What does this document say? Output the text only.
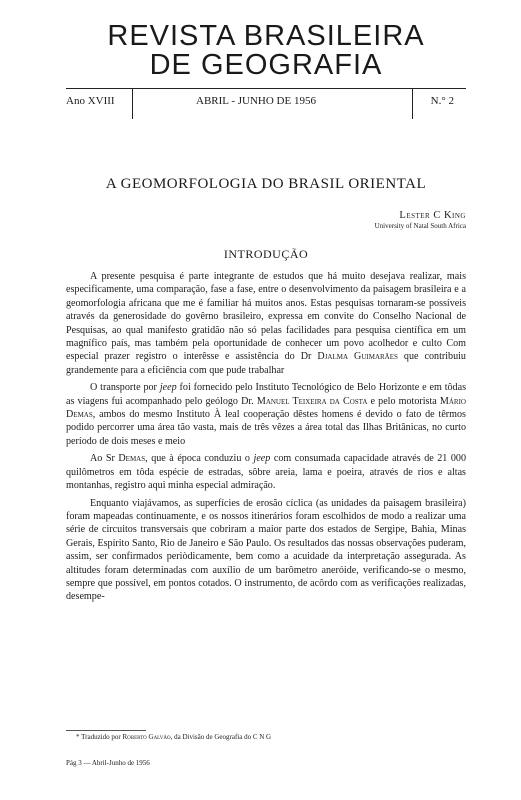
REVISTA BRASILEIRA
DE GEOGRAFIA
Ano XVIII	ABRIL - JUNHO DE 1956	N.° 2
A GEOMORFOLOGIA DO BRASIL ORIENTAL
Lester C King
University of Natal South Africa
INTRODUÇÃO

A presente pesquisa é parte integrante de estudos que há muito desejava realizar, mais especificamente, uma comparação, fase a fase, entre o desenvolvimento da paisagem brasileira e a geomorfologia africana que me é familiar há muitos anos. Estas pesquisas tornaram-se possíveis através da generosidade do govêrno brasileiro, expressa em convite do Conselho Nacional de Pesquisas, ao qual manifesto gratidão não só pelas facilidades para pesquisa científica em um magnífico país, mas também pela oportunidade de conhecer um povo acolhedor e culto Com especial prazer registro o interêsse e assistência do Dr Djalma Guimarães que contribuiu grandemente para a eficiência com que pude trabalhar

O transporte por jeep foi fornecido pelo Instituto Tecnológico de Belo Horizonte e em tôdas as viagens fui acompanhado pelo geólogo Dr. Manuel Teixeira da Costa e pelo motorista Mário Demas, ambos do mesmo Instituto À leal cooperação dêstes homens é devido o fato de têrmos podido percorrer uma área tão vasta, mais de três vêzes a área total das Ilhas Britânicas, no curto período de dois meses e meio

Ao Sr Demas, que à época conduziu o jeep com consumada capacidade através de 21 000 quilômetros em tôda espécie de estradas, sôbre areia, lama e poeira, através de rios e altas montanhas, registro aqui minha especial admiração.

Enquanto viajávamos, as superfícies de erosão cíclica (as unidades da paisagem brasileira) foram mapeadas continuamente, e os nossos itinerários foram escolhidos de modo a realizar uma série de circuitos transversais que cobriram a maior parte dos estados de Sergipe, Bahia, Minas Gerais, Espírito Santo, Rio de Janeiro e São Paulo. Os resultados das nossas observações puderam, assim, ser confirmados periòdicamente, bem como a acuidade da interpretação assegurada. As altitudes foram determinadas com auxílio de um barômetro aneróide, verificando-se o mesmo, sempre que possível, em pontos cotados. O instrumento, de acôrdo com as verificações realizadas, desempe-

* Traduzido por Roberto Galvão, da Divisão de Geografia do C N G
Pág 3 — Abril-Junho de 1956
